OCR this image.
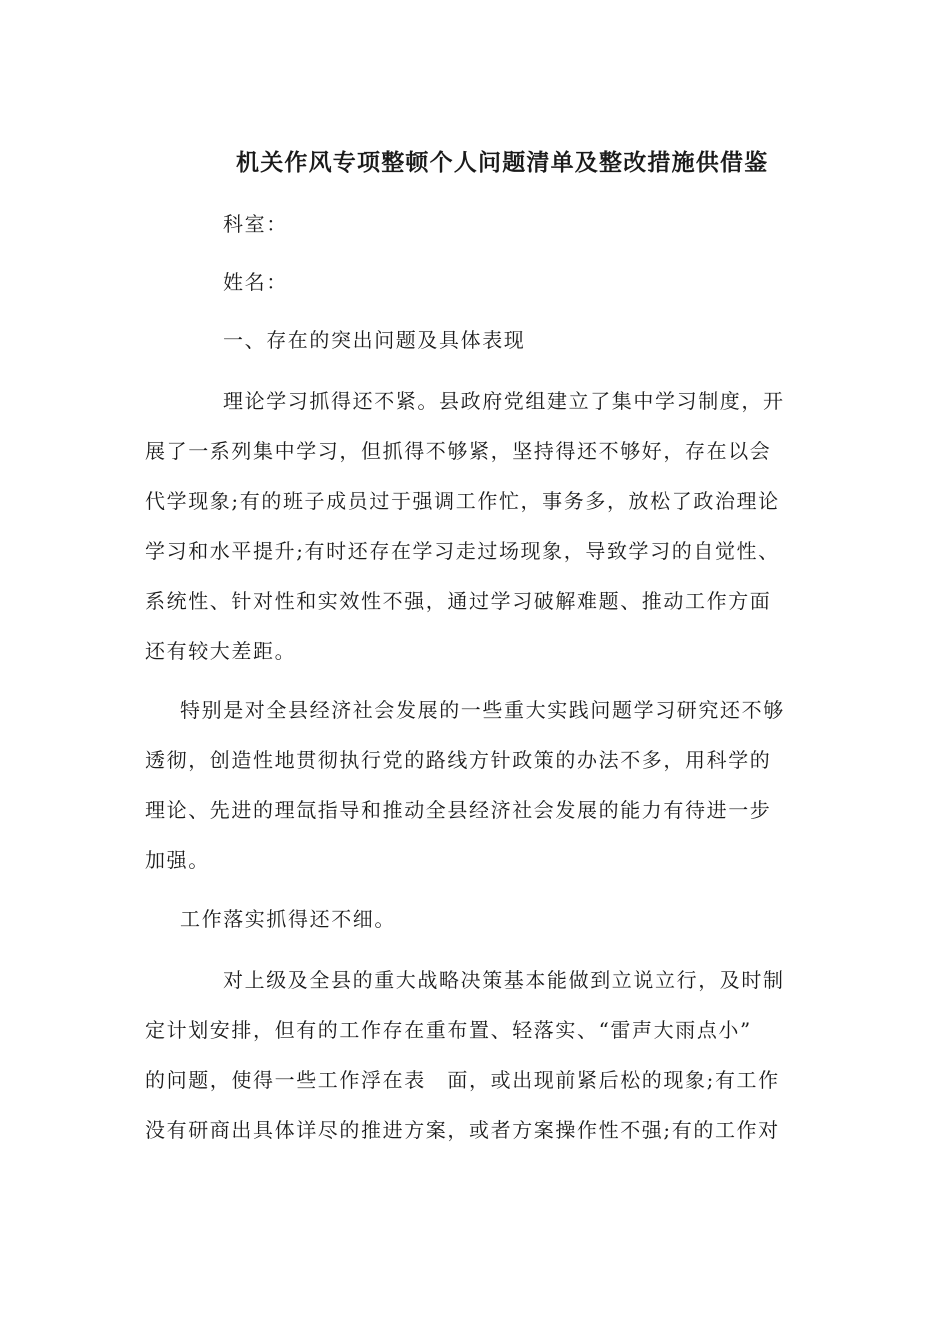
机关作风专项整顿个人问题清单及整改措施供借鉴
科室：
姓名：
一、存在的突出问题及具体表现
理论学习抓得还不紧。县政府党组建立了集中学习制度，开
展了一系列集中学习，但抓得不够紧，坚持得还不够好，存在以会
代学现象;有的班子成员过于强调工作忙，事务多，放松了政治理论
学习和水平提升;有时还存在学习走过场现象，导致学习的自觉性、
系统性、针对性和实效性不强，通过学习破解难题、推动工作方面
还有较大差距。
特别是对全县经济社会发展的一些重大实践问题学习研究还不够
透彻，创造性地贯彻执行党的路线方针政策的办法不多，用科学的
理论、先进的理氙指导和推动全县经济社会发展的能力有待进一步
加强。
工作落实抓得还不细。
对上级及全县的重大战略决策基本能做到立说立行，及时制
定计划安排，但有的工作存在重布置、轻落实、“雷声大雨点小”
的问题，使得一些工作浮在表　面，或出现前紧后松的现象;有工作
没有研商出具体详尽的推进方案，或者方案操作性不强;有的工作对
